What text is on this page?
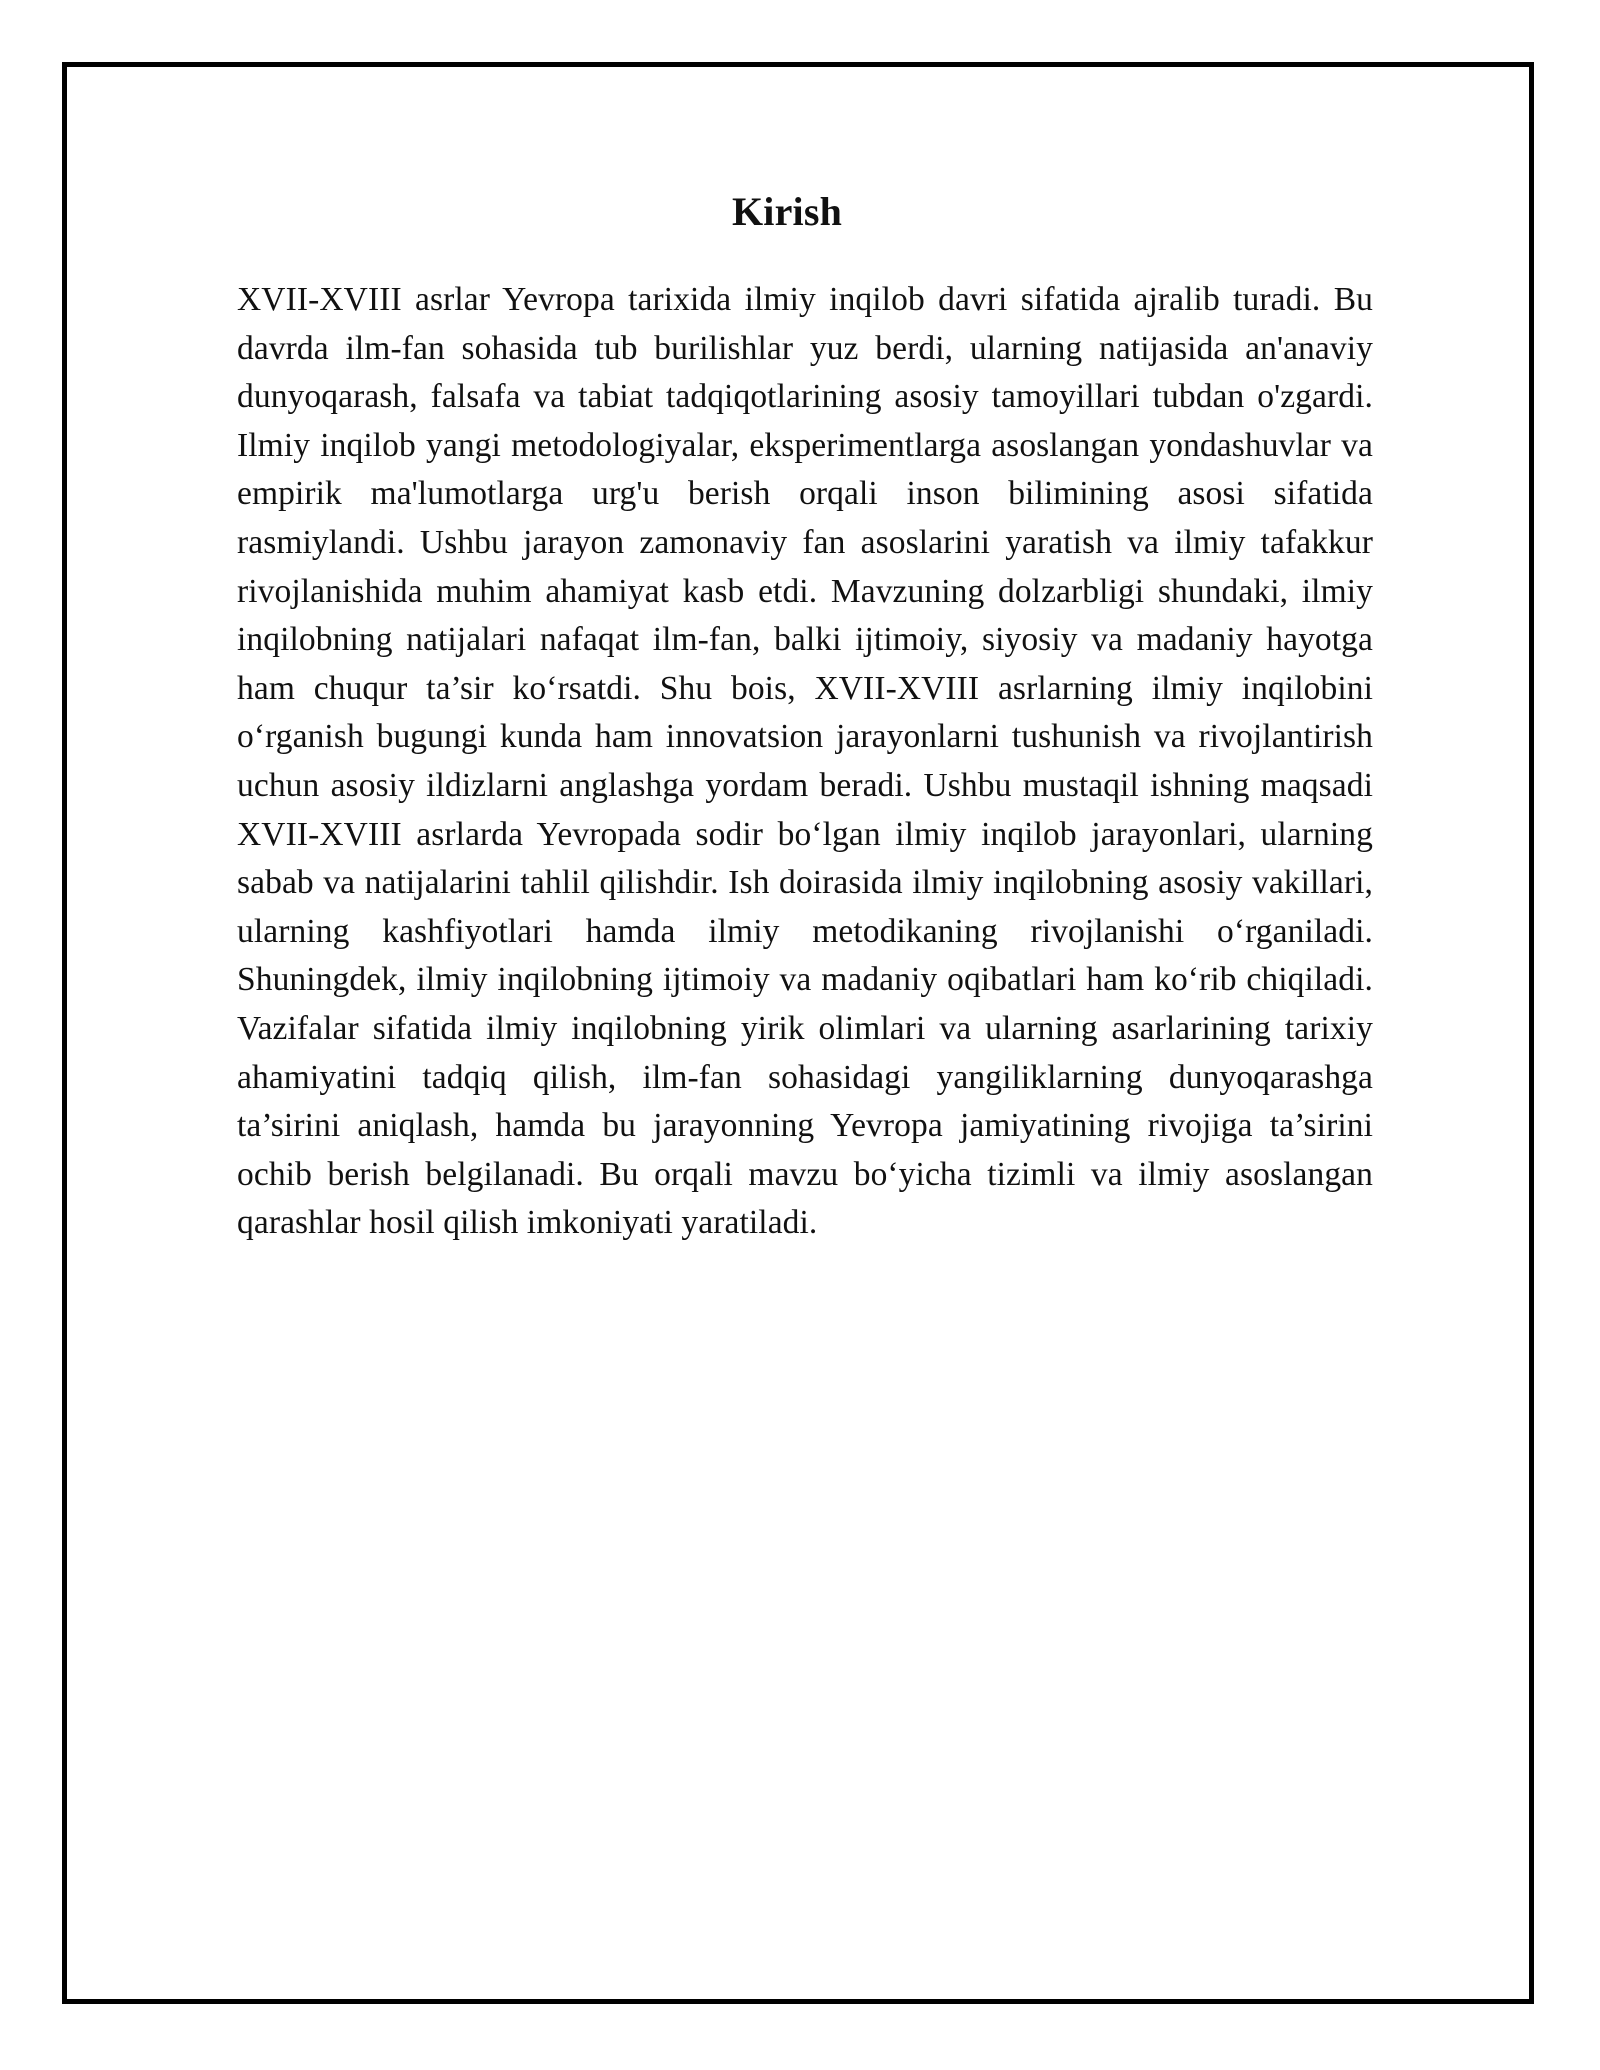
Kirish

XVII-XVIII asrlar Yevropa tarixida ilmiy inqilob davri sifatida ajralib turadi. Bu davrda ilm-fan sohasida tub burilishlar yuz berdi, ularning natijasida an'anaviy dunyoqarash, falsafa va tabiat tadqiqotlarining asosiy tamoyillari tubdan o'zgardi. Ilmiy inqilob yangi metodologiyalar, eksperimentlarga asoslangan yondashuvlar va empirik ma'lumotlarga urg'u berish orqali inson bilimining asosi sifatida rasmiylandi. Ushbu jarayon zamonaviy fan asoslarini yaratish va ilmiy tafakkur rivojlanishida muhim ahamiyat kasb etdi. Mavzuning dolzarbligi shundaki, ilmiy inqilobning natijalari nafaqat ilm-fan, balki ijtimoiy, siyosiy va madaniy hayotga ham chuqur ta’sir ko‘rsatdi. Shu bois, XVII-XVIII asrlarning ilmiy inqilobini o‘rganish bugungi kunda ham innovatsion jarayonlarni tushunish va rivojlantirish uchun asosiy ildizlarni anglashga yordam beradi. Ushbu mustaqil ishning maqsadi XVII-XVIII asrlarda Yevropada sodir bo‘lgan ilmiy inqilob jarayonlari, ularning sabab va natijalarini tahlil qilishdir. Ish doirasida ilmiy inqilobning asosiy vakillari, ularning kashfiyotlari hamda ilmiy metodikaning rivojlanishi o‘rganiladi. Shuningdek, ilmiy inqilobning ijtimoiy va madaniy oqibatlari ham ko‘rib chiqiladi. Vazifalar sifatida ilmiy inqilobning yirik olimlari va ularning asarlarining tarixiy ahamiyatini tadqiq qilish, ilm-fan sohasidagi yangiliklarning dunyoqarashga ta’sirini aniqlash, hamda bu jarayonning Yevropa jamiyatining rivojiga ta’sirini ochib berish belgilanadi. Bu orqali mavzu bo‘yicha tizimli va ilmiy asoslangan qarashlar hosil qilish imkoniyati yaratiladi.
